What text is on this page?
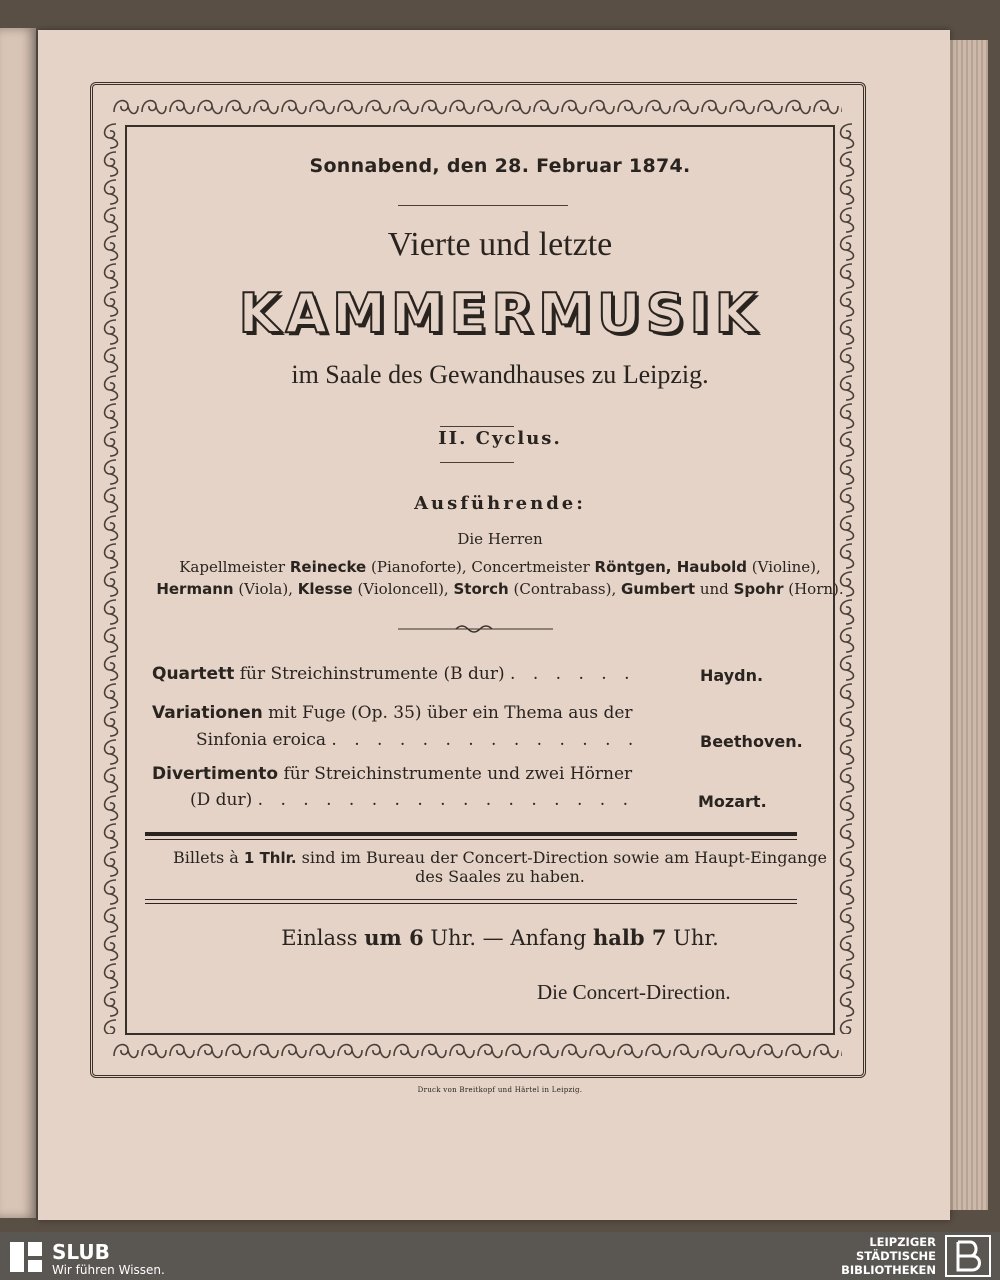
Sonnabend, den 28. Februar 1874.
Vierte und letzte
KAMMERMUSIK
im Saale des Gewandhauses zu Leipzig.
II. Cyclus.
Ausführende:
Die Herren
Kapellmeister Reinecke (Pianoforte), Concertmeister Röntgen, Haubold (Violine),
Hermann (Viola), Klesse (Violoncell), Storch (Contrabass), Gumbert und Spohr (Horn).
Quartett für Streichinstrumente (B dur) . . . . . .	Haydn.
Variationen mit Fuge (Op. 35) über ein Thema aus der
Sinfonia eroica . . . . . . . . . . . . . .	Beethoven.
Divertimento für Streichinstrumente und zwei Hörner
(D dur) . . . . . . . . . . . . . . . . .	Mozart.
Billets à 1 Thlr. sind im Bureau der Concert-Direction sowie am Haupt-Eingange
des Saales zu haben.
Einlass um 6 Uhr. — Anfang halb 7 Uhr.
Die Concert-Direction.
Druck von Breitkopf und Härtel in Leipzig.
SLUB
Wir führen Wissen.
LEIPZIGER
STÄDTISCHE
BIBLIOTHEKEN
